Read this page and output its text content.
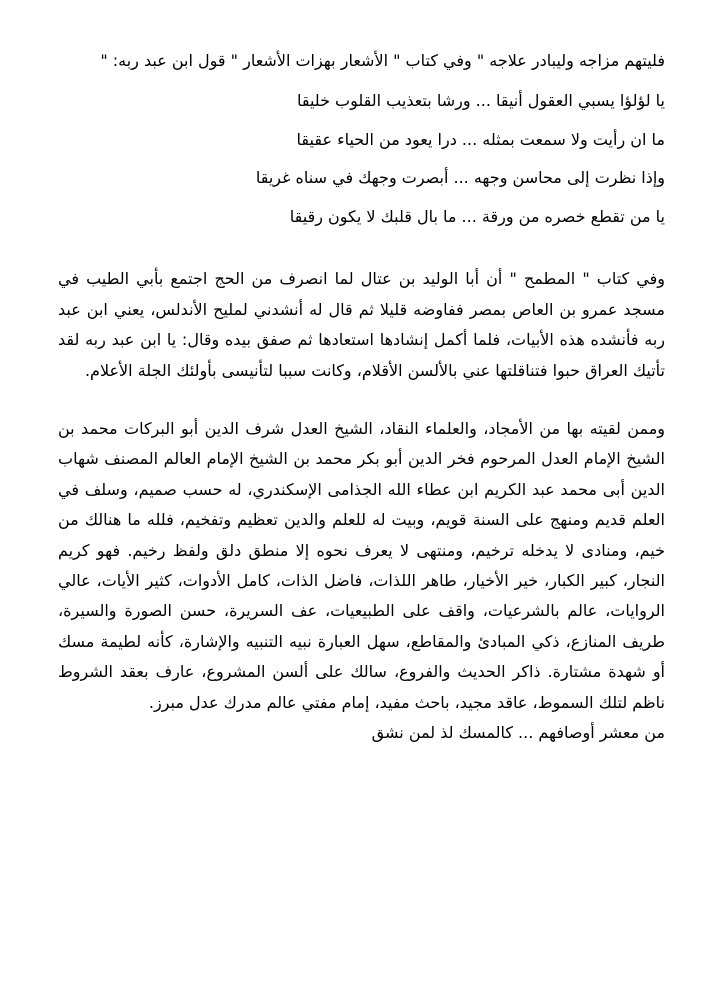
فليتهم مزاجه وليبادر علاجه " وفي كتاب " الأشعار بهزات الأشعار " قول ابن عبد ربه: "

يا لؤلؤا يسبي العقول أنيقا ... ورشا بتعذيب القلوب خليقا

ما ان رأيت ولا سمعت بمثله ... درا يعود من الحياء عقيقا

وإذا نظرت إلى محاسن وجهه ... أبصرت وجهك في سناه غريقا

يا من تقطع خصره من ورقة ... ما بال قلبك لا يكون رقيقا

وفي كتاب " المطمح " أن أبا الوليد بن عتال لما انصرف من الحج اجتمع بأبي الطيب في مسجد عمرو بن العاص بمصر ففاوضه قليلا ثم قال له أنشدني لمليح الأندلس، يعني ابن عبد ربه فأنشده هذه الأبيات، فلما أكمل إنشادها استعادها ثم صفق بيده وقال: يا ابن عبد ربه لقد تأتيك العراق حبوا فتناقلتها عني بالألسن الأقلام، وكانت سببا لتأنيسى بأولئك الجلة الأعلام.

وممن لقيته بها من الأمجاد، والعلماء النقاد، الشيخ العدل شرف الدين أبو البركات محمد بن الشيخ الإمام العدل المرحوم فخر الدين أبو بكر محمد بن الشيخ الإمام العالم المصنف شهاب الدين أبى محمد عبد الكريم ابن عطاء الله الجذامى الإسكندري، له حسب صميم، وسلف في العلم قديم ومنهج على السنة قويم، وبيت له للعلم والدين تعظيم وتفخيم، فلله ما هنالك من خيم، ومنادى لا يدخله ترخيم، ومنتهى لا يعرف نحوه إلا منطق دلق ولفظ رخيم. فهو كريم النجار، كبير الكبار، خير الأخيار، طاهر اللذات، فاضل الذات، كامل الأدوات، كثير الأيات، عالي الروايات، عالم بالشرعيات، واقف على الطبيعيات، عف السريرة، حسن الصورة والسيرة، طريف المنازع، ذكي المبادئ والمقاطع، سهل العبارة نبيه التنبيه والإشارة، كأنه لطيمة مسك أو شهدة مشتارة. ذاكر الحديث والفروع، سالك على ألسن المشروع، عارف بعقد الشروط ناظم لتلك السموط، عاقد مجيد، باحث مفيد، إمام مفتي عالم مدرك عدل مبرز.

من معشر أوصافهم ... كالمسك لذ لمن نشق
